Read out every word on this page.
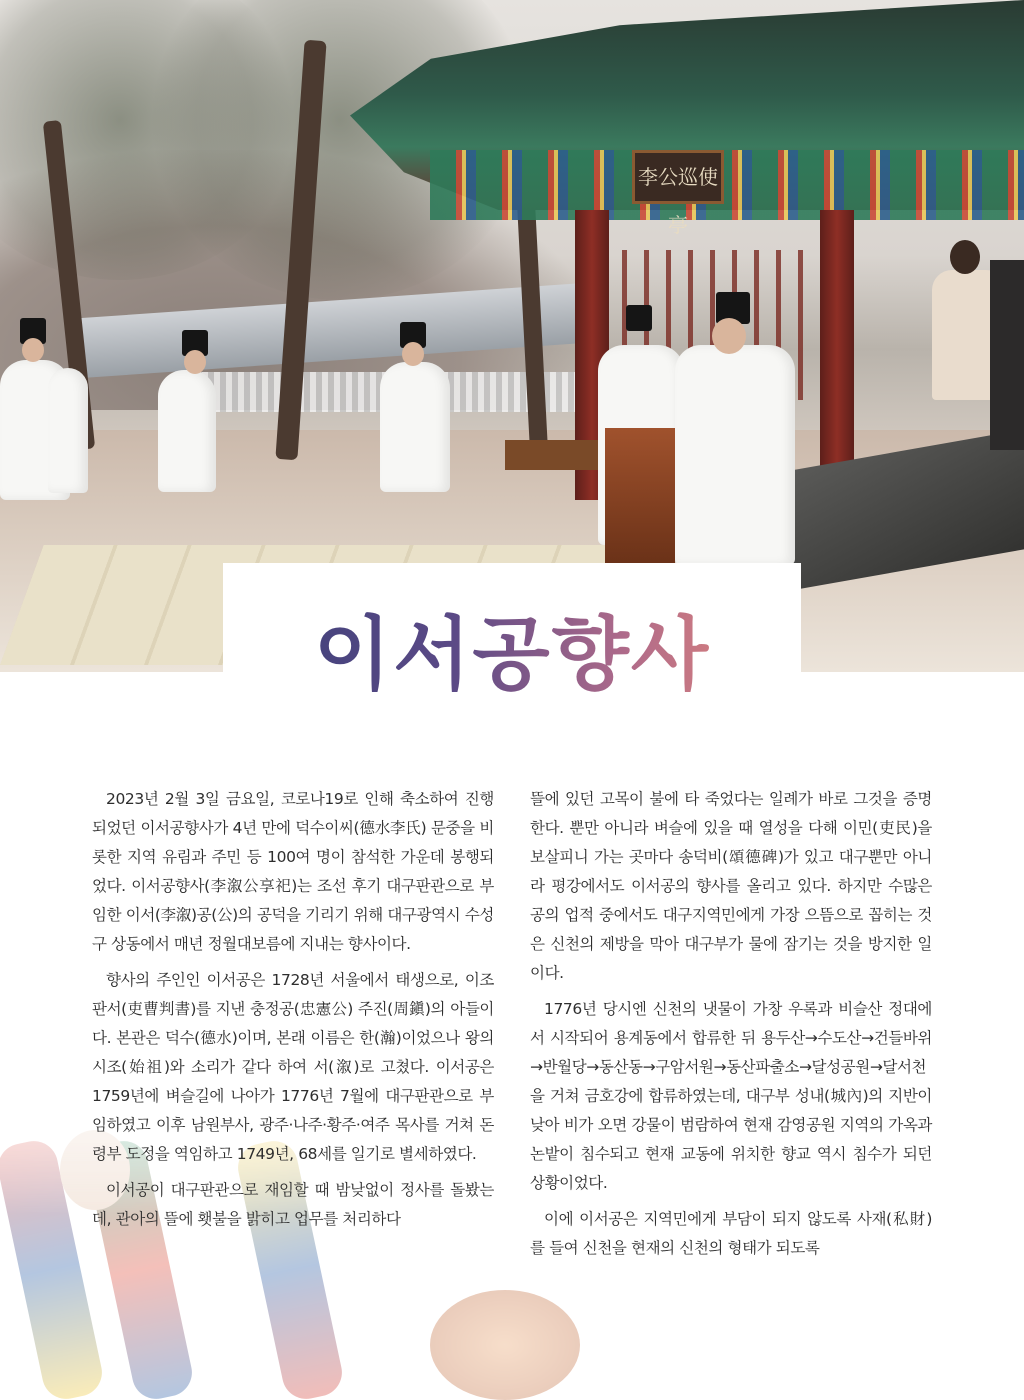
李公巡使亭
이서공향사

2023년 2월 3일 금요일, 코로나19로 인해 축소하여 진행되었던 이서공향사가 4년 만에 덕수이씨(德水李氏) 문중을 비롯한 지역 유림과 주민 등 100여 명이 참석한 가운데 봉행되었다. 이서공향사(李溆公享祀)는 조선 후기 대구판관으로 부임한 이서(李溆)공(公)의 공덕을 기리기 위해 대구광역시 수성구 상동에서 매년 정월대보름에 지내는 향사이다.

향사의 주인인 이서공은 1728년 서울에서 태생으로, 이조판서(吏曹判書)를 지낸 충정공(忠憲公) 주진(周鎭)의 아들이다. 본관은 덕수(德水)이며, 본래 이름은 한(瀚)이었으나 왕의 시조(始祖)와 소리가 같다 하여 서(溆)로 고쳤다. 이서공은 1759년에 벼슬길에 나아가 1776년 7월에 대구판관으로 부임하였고 이후 남원부사, 광주·나주·황주·여주 목사를 거쳐 돈령부 도정을 역임하고 1749년, 68세를 일기로 별세하였다.

이서공이 대구판관으로 재임할 때 밤낮없이 정사를 돌봤는데, 관아의 뜰에 횃불을 밝히고 업무를 처리하다

뜰에 있던 고목이 불에 타 죽었다는 일례가 바로 그것을 증명한다. 뿐만 아니라 벼슬에 있을 때 열성을 다해 이민(吏民)을 보살피니 가는 곳마다 송덕비(頌德碑)가 있고 대구뿐만 아니라 평강에서도 이서공의 향사를 올리고 있다. 하지만 수많은 공의 업적 중에서도 대구지역민에게 가장 으뜸으로 꼽히는 것은 신천의 제방을 막아 대구부가 물에 잠기는 것을 방지한 일이다.

1776년 당시엔 신천의 냇물이 가창 우록과 비슬산 정대에서 시작되어 용계동에서 합류한 뒤 용두산→수도산→건들바위→반월당→동산동→구암서원→동산파출소→달성공원→달서천을 거쳐 금호강에 합류하였는데, 대구부 성내(城內)의 지반이 낮아 비가 오면 강물이 범람하여 현재 감영공원 지역의 가옥과 논밭이 침수되고 현재 교동에 위치한 향교 역시 침수가 되던 상황이었다.

이에 이서공은 지역민에게 부담이 되지 않도록 사재(私財)를 들여 신천을 현재의 신천의 형태가 되도록
